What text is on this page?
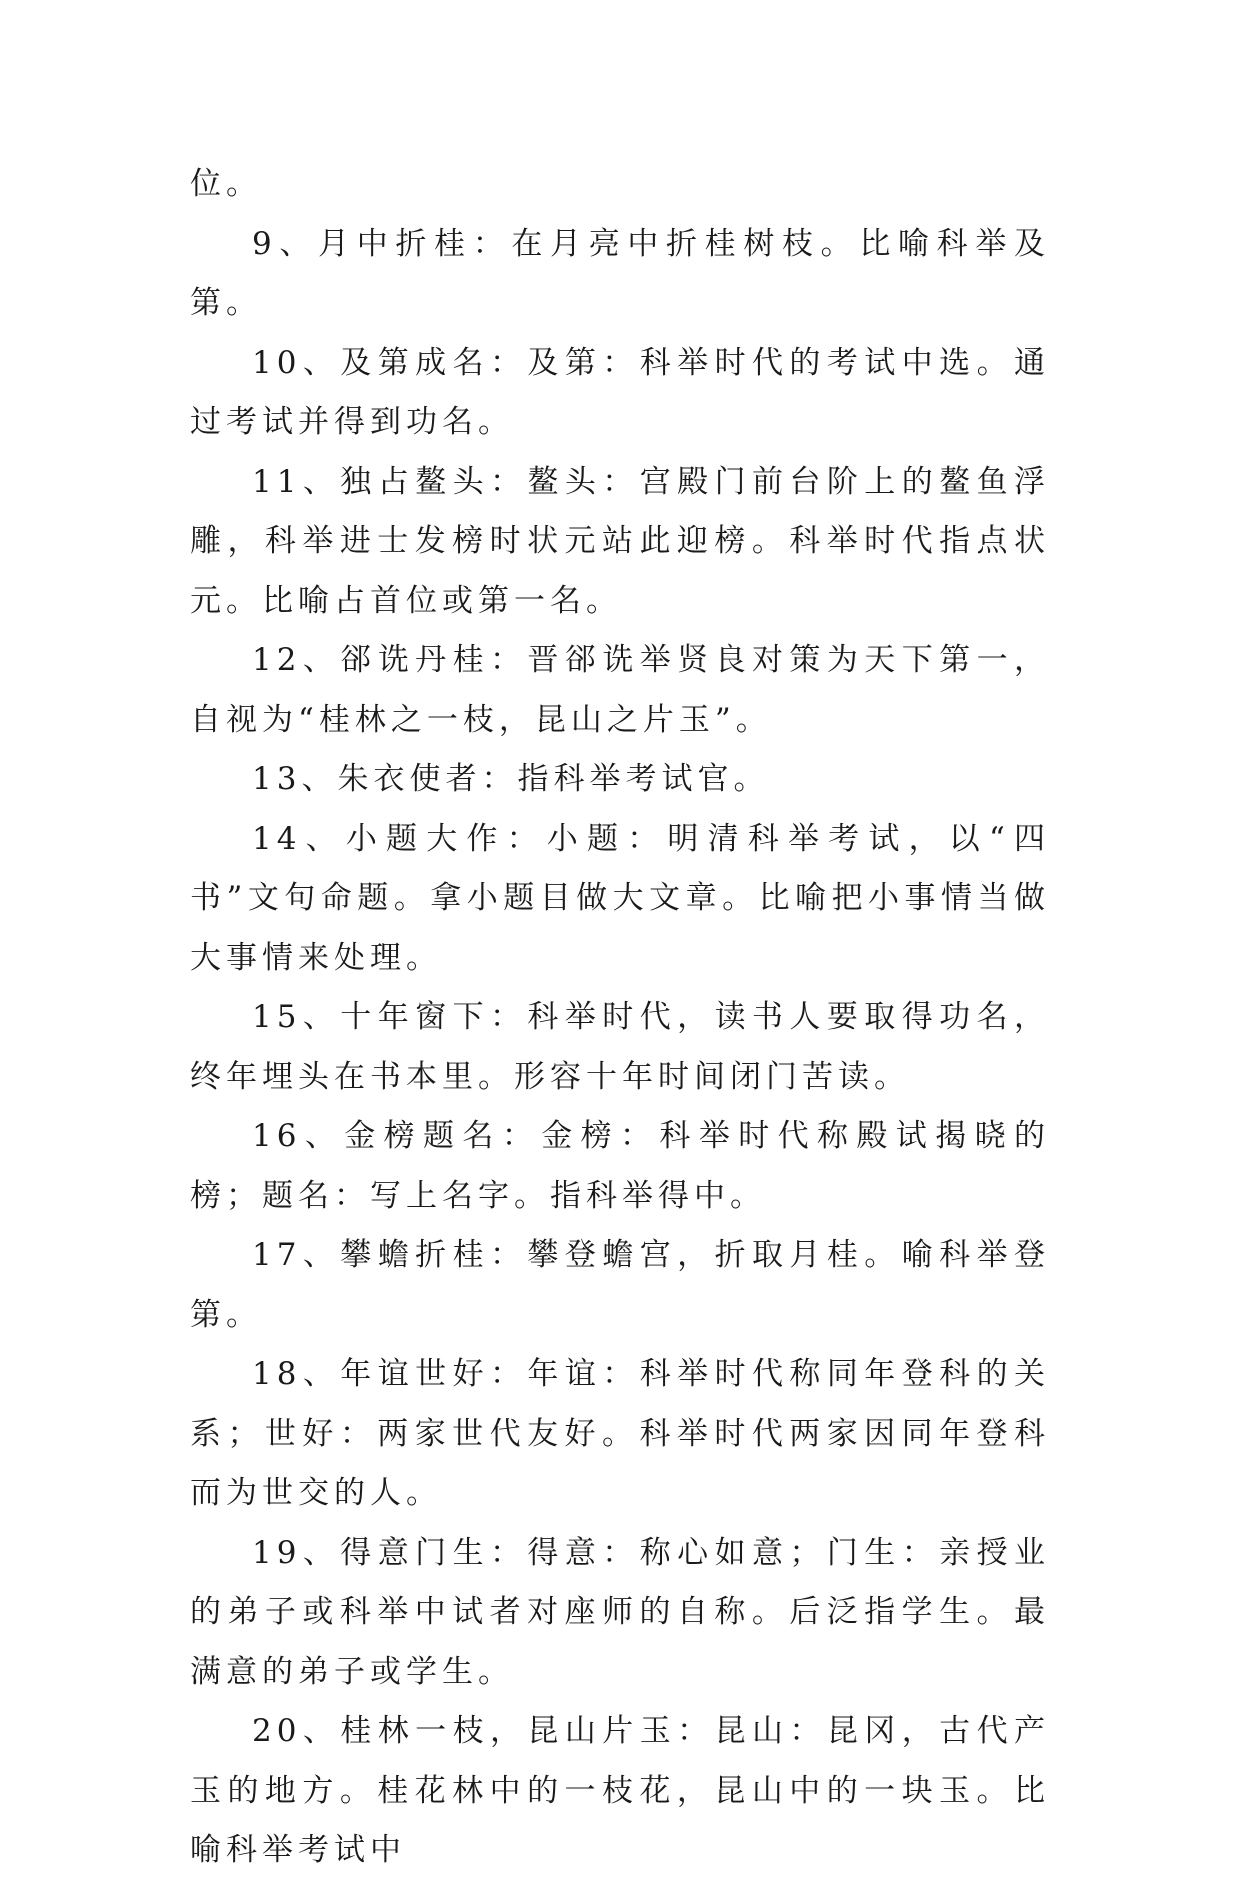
位。

9、月中折桂：在月亮中折桂树枝。比喻科举及第。

10、及第成名：及第：科举时代的考试中选。通过考试并得到功名。

11、独占鳌头：鳌头：宫殿门前台阶上的鳌鱼浮雕，科举进士发榜时状元站此迎榜。科举时代指点状元。比喻占首位或第一名。

12、郤诜丹桂：晋郤诜举贤良对策为天下第一，自视为“桂林之一枝，昆山之片玉”。

13、朱衣使者：指科举考试官。

14、小题大作：小题：明清科举考试，以“四书”文句命题。拿小题目做大文章。比喻把小事情当做大事情来处理。

15、十年窗下：科举时代，读书人要取得功名，终年埋头在书本里。形容十年时间闭门苦读。

16、金榜题名：金榜：科举时代称殿试揭晓的榜；题名：写上名字。指科举得中。

17、攀蟾折桂：攀登蟾宫，折取月桂。喻科举登第。

18、年谊世好：年谊：科举时代称同年登科的关系；世好：两家世代友好。科举时代两家因同年登科而为世交的人。

19、得意门生：得意：称心如意；门生：亲授业的弟子或科举中试者对座师的自称。后泛指学生。最满意的弟子或学生。

20、桂林一枝，昆山片玉：昆山：昆冈，古代产玉的地方。桂花林中的一枝花，昆山中的一块玉。比喻科举考试中
